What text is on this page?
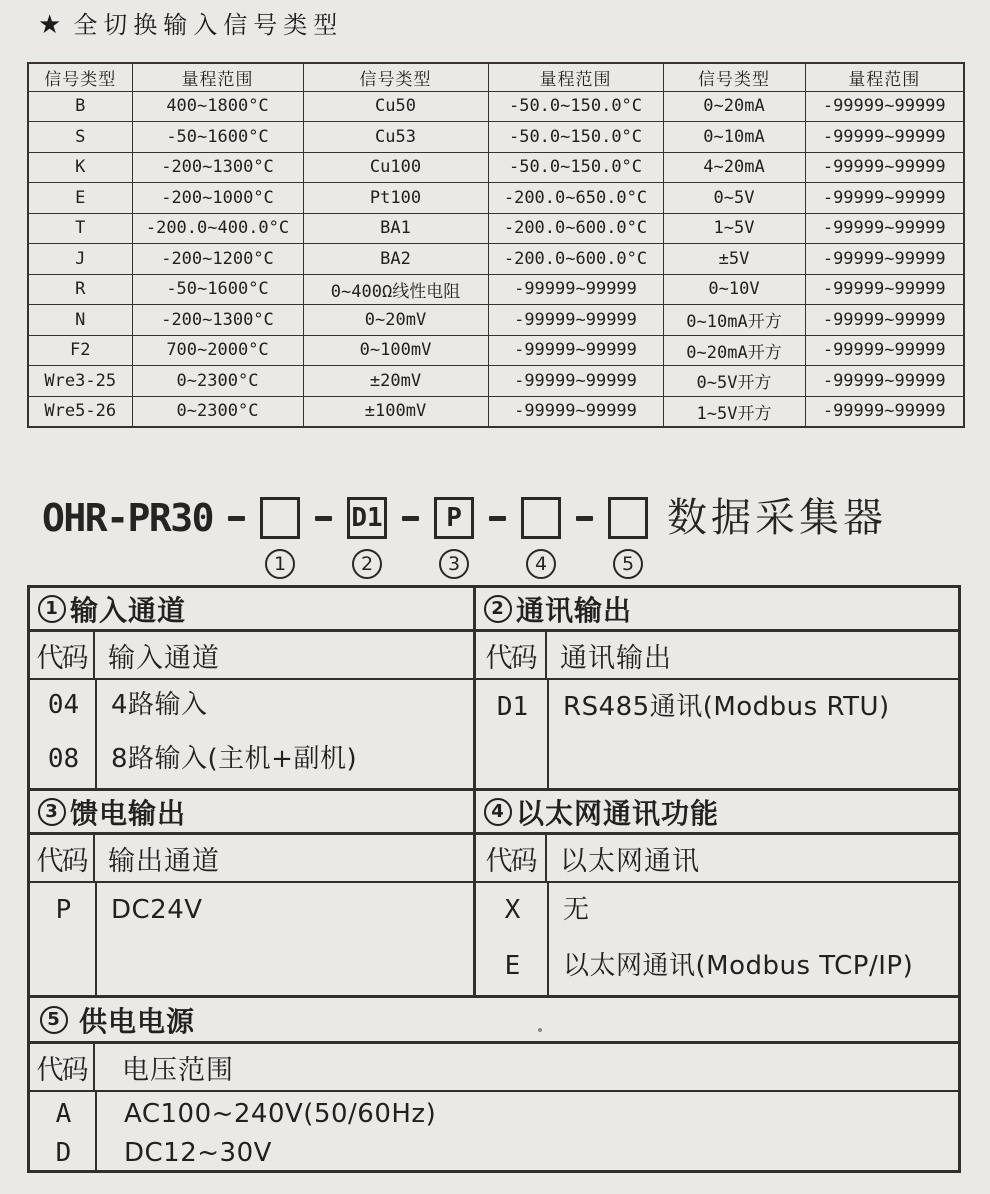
★ 全切换输入信号类型
信号类型	量程范围	信号类型	量程范围	信号类型	量程范围
B	400~1800°C	Cu50	-50.0~150.0°C	0~20mA	-99999~99999
S	-50~1600°C	Cu53	-50.0~150.0°C	0~10mA	-99999~99999
K	-200~1300°C	Cu100	-50.0~150.0°C	4~20mA	-99999~99999
E	-200~1000°C	Pt100	-200.0~650.0°C	0~5V	-99999~99999
T	-200.0~400.0°C	BA1	-200.0~600.0°C	1~5V	-99999~99999
J	-200~1200°C	BA2	-200.0~600.0°C	±5V	-99999~99999
R	-50~1600°C	0~400Ω线性电阻	-99999~99999	0~10V	-99999~99999
N	-200~1300°C	0~20mV	-99999~99999	0~10mA开方	-99999~99999
F2	700~2000°C	0~100mV	-99999~99999	0~20mA开方	-99999~99999
Wre3-25	0~2300°C	±20mV	-99999~99999	0~5V开方	-99999~99999
Wre5-26	0~2300°C	±100mV	-99999~99999	1~5V开方	-99999~99999
OHR-PR30
1
D1
2
P
3	4	5
数据采集器
1 输入通道
代码 输入通道
04	4路输入
08	8路输入(主机+副机)
2 通讯输出
代码 通讯输出
D1	RS485通讯(Modbus RTU)
3 馈电输出
代码 输出通道
P	DC24V
4 以太网通讯功能
代码 以太网通讯
X	无
E	以太网通讯(Modbus TCP/IP)
5 供电电源
代码	电压范围
A	AC100~240V(50/60Hz)
D	DC12~30V
